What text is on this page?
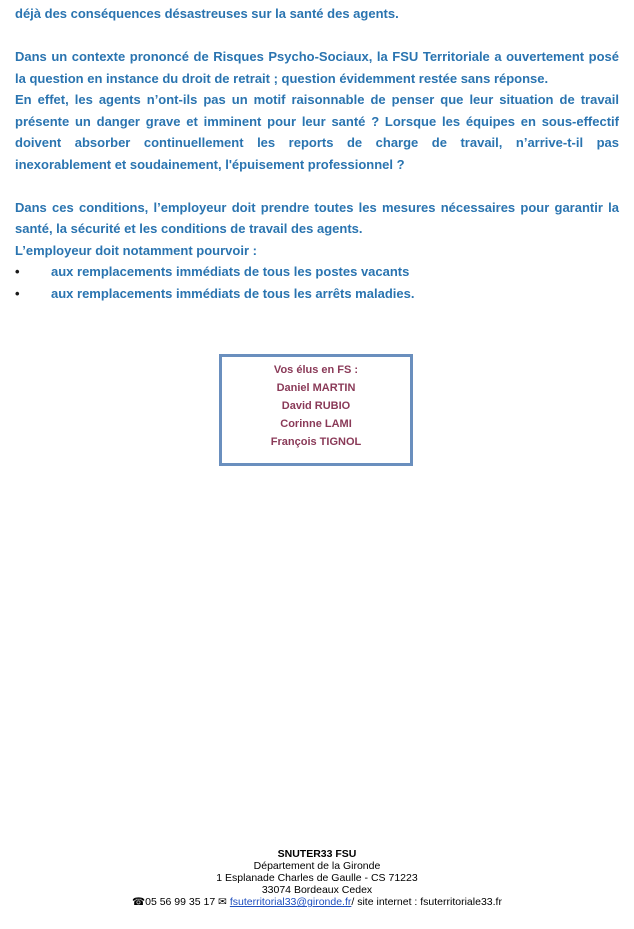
déjà des conséquences désastreuses sur la santé des agents.

Dans un contexte prononcé de Risques Psycho-Sociaux, la FSU Territoriale a ouvertement posé la question en instance du droit de retrait ; question évidemment restée sans réponse.

En effet, les agents n’ont-ils pas un motif raisonnable de penser que leur situation de travail présente un danger grave et imminent pour leur santé ? Lorsque les équipes en sous-effectif doivent absorber continuellement les reports de charge de travail, n’arrive-t-il pas inexorablement et soudainement, l'épuisement professionnel ?

Dans ces conditions, l’employeur doit prendre toutes les mesures nécessaires pour garantir la santé, la sécurité et les conditions de travail des agents.

L’employeur doit notamment pourvoir :

• aux remplacements immédiats de tous les postes vacants
• aux remplacements immédiats de tous les arrêts maladies.
Vos élus en FS :
Daniel MARTIN
David RUBIO
Corinne LAMI
François TIGNOL
SNUTER33 FSU
Département de la Gironde
1 Esplanade Charles de Gaulle - CS 71223
33074 Bordeaux Cedex
☎05 56 99 35 17 ✉ fsuterritorial33@gironde.fr/ site internet : fsuterritoriale33.fr
